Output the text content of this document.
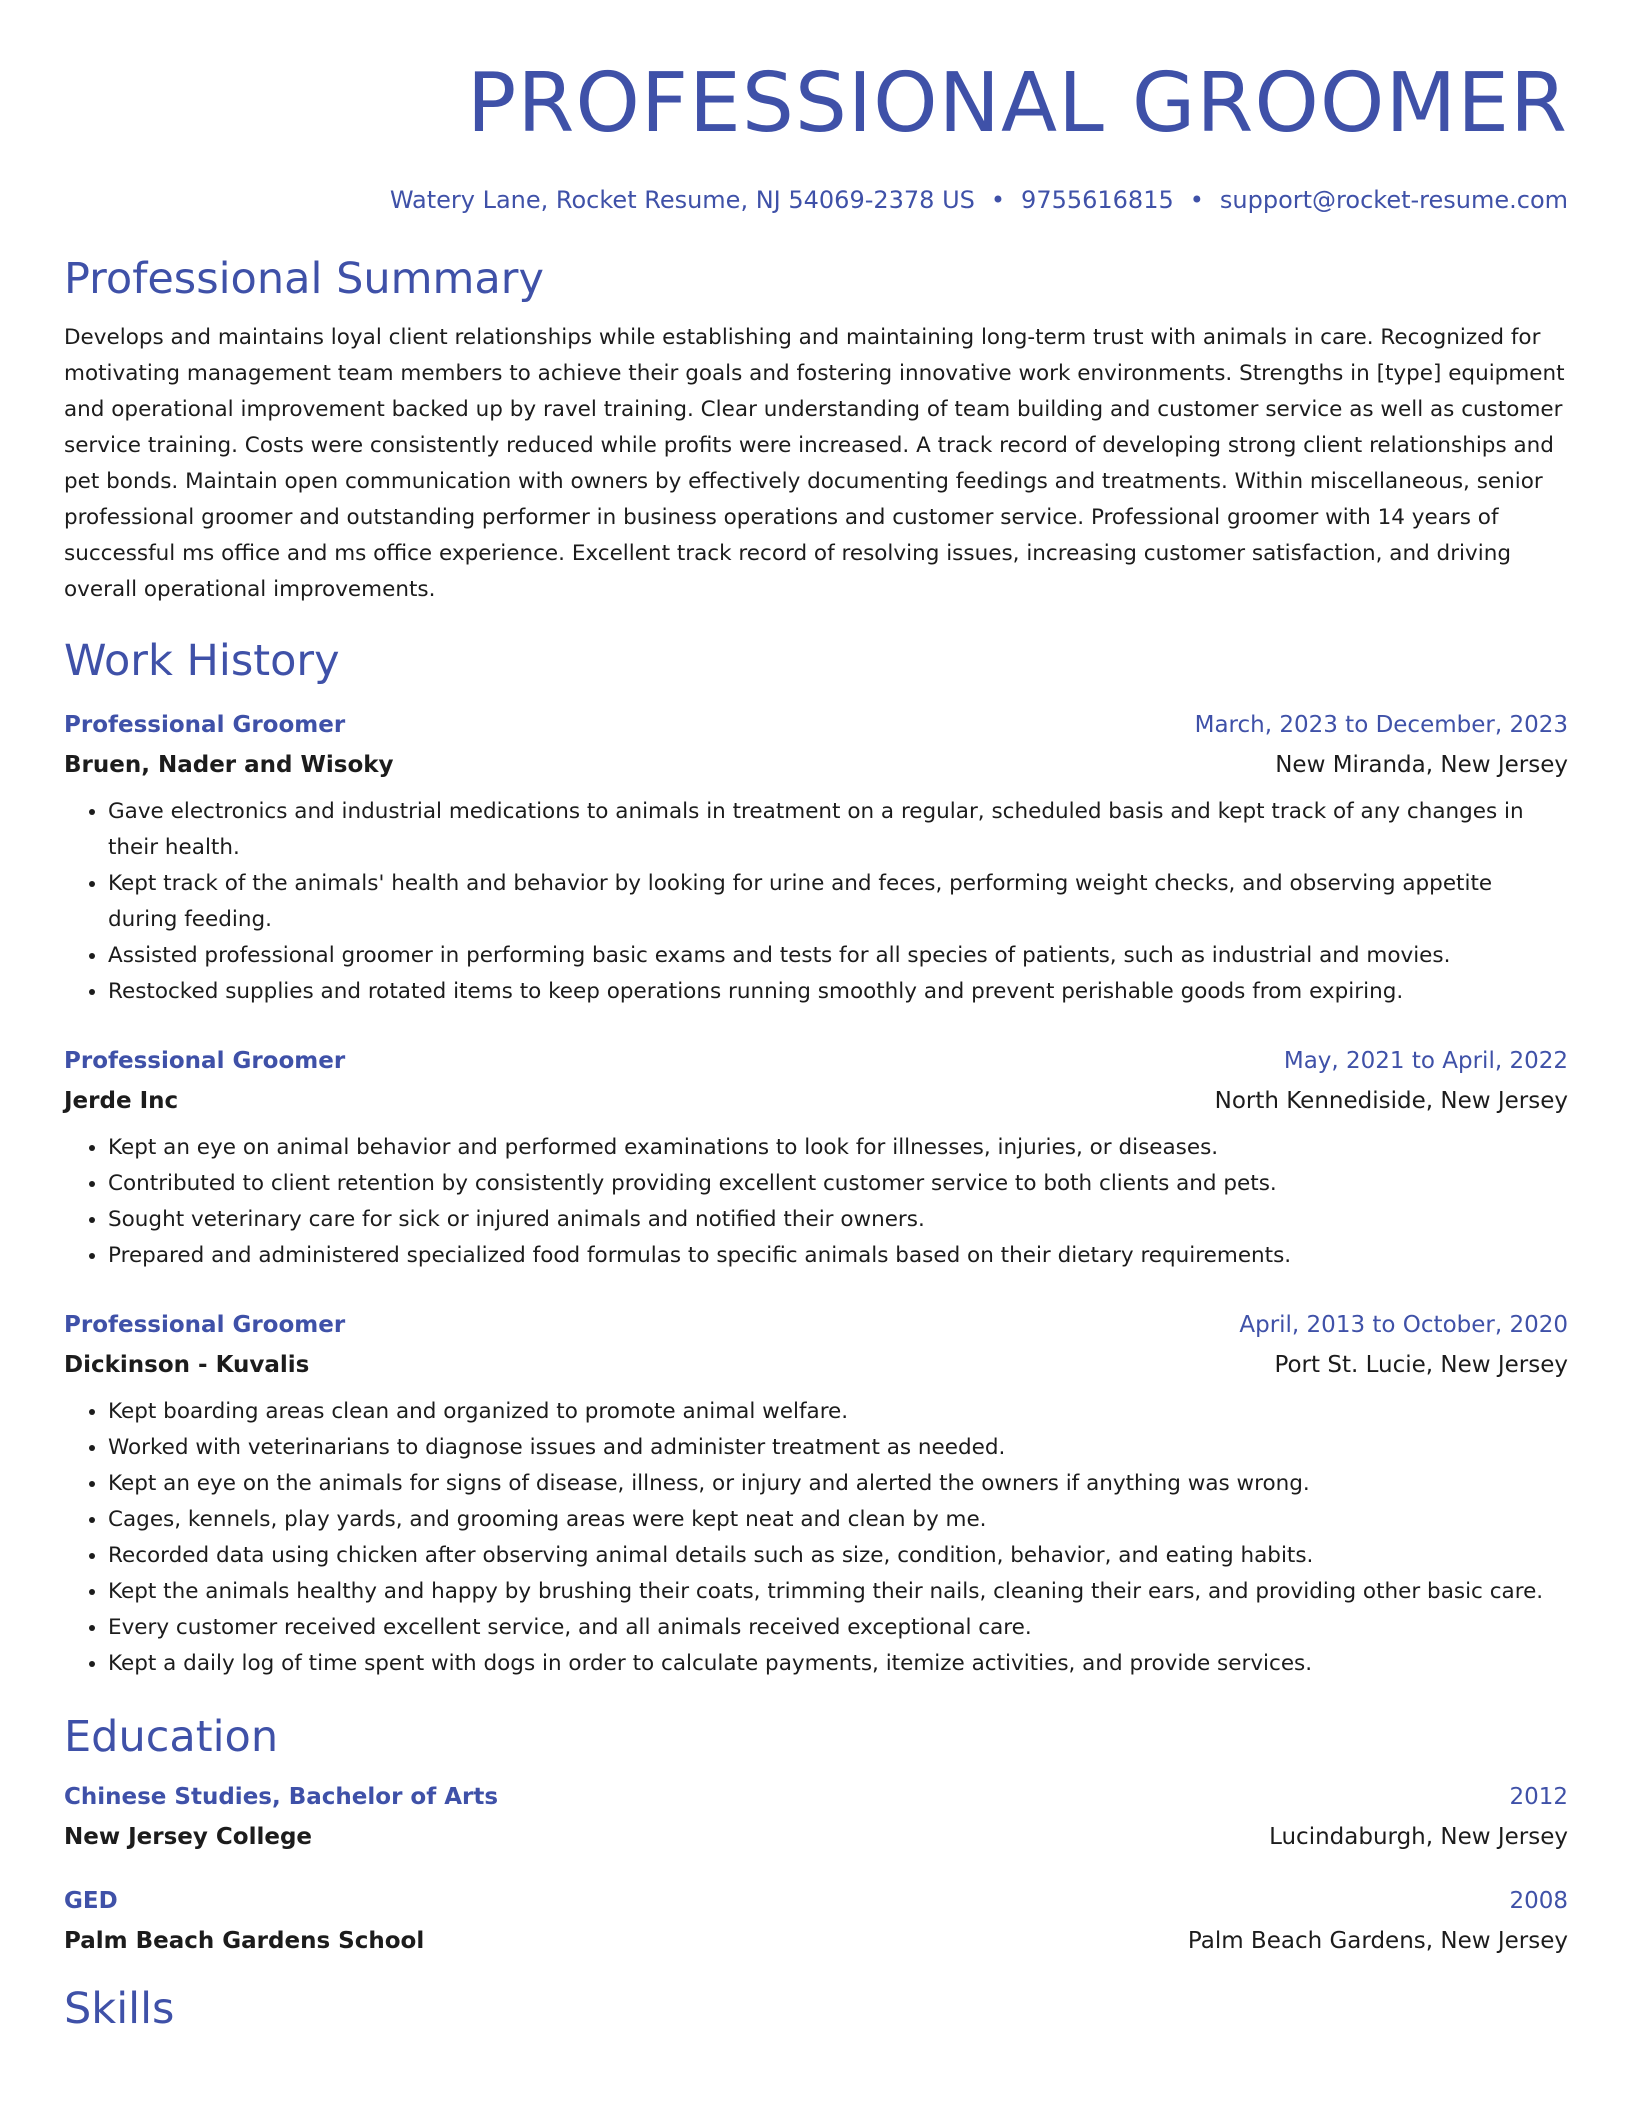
PROFESSIONAL GROOMER
Watery Lane, Rocket Resume, NJ 54069-2378 US • 9755616815 • support@rocket-resume.com
Professional Summary

Develops and maintains loyal client relationships while establishing and maintaining long-term trust with animals in care. Recognized for motivating management team members to achieve their goals and fostering innovative work environments. Strengths in [type] equipment and operational improvement backed up by ravel training. Clear understanding of team building and customer service as well as customer service training. Costs were consistently reduced while profits were increased. A track record of developing strong client relationships and pet bonds. Maintain open communication with owners by effectively documenting feedings and treatments. Within miscellaneous, senior professional groomer and outstanding performer in business operations and customer service. Professional groomer with 14 years of successful ms office and ms office experience. Excellent track record of resolving issues, increasing customer satisfaction, and driving overall operational improvements.

Work History
Professional Groomer	March, 2023 to December, 2023
Bruen, Nader and Wisoky	New Miranda, New Jersey
• Gave electronics and industrial medications to animals in treatment on a regular, scheduled basis and kept track of any changes in their health.
• Kept track of the animals' health and behavior by looking for urine and feces, performing weight checks, and observing appetite during feeding.
• Assisted professional groomer in performing basic exams and tests for all species of patients, such as industrial and movies.
• Restocked supplies and rotated items to keep operations running smoothly and prevent perishable goods from expiring.
Professional Groomer	May, 2021 to April, 2022
Jerde Inc	North Kennediside, New Jersey
• Kept an eye on animal behavior and performed examinations to look for illnesses, injuries, or diseases.
• Contributed to client retention by consistently providing excellent customer service to both clients and pets.
• Sought veterinary care for sick or injured animals and notified their owners.
• Prepared and administered specialized food formulas to specific animals based on their dietary requirements.
Professional Groomer	April, 2013 to October, 2020
Dickinson - Kuvalis	Port St. Lucie, New Jersey
• Kept boarding areas clean and organized to promote animal welfare.
• Worked with veterinarians to diagnose issues and administer treatment as needed.
• Kept an eye on the animals for signs of disease, illness, or injury and alerted the owners if anything was wrong.
• Cages, kennels, play yards, and grooming areas were kept neat and clean by me.
• Recorded data using chicken after observing animal details such as size, condition, behavior, and eating habits.
• Kept the animals healthy and happy by brushing their coats, trimming their nails, cleaning their ears, and providing other basic care.
• Every customer received excellent service, and all animals received exceptional care.
• Kept a daily log of time spent with dogs in order to calculate payments, itemize activities, and provide services.
Education
Chinese Studies, Bachelor of Arts	2012
New Jersey College	Lucindaburgh, New Jersey
GED	2008
Palm Beach Gardens School	Palm Beach Gardens, New Jersey
Skills
